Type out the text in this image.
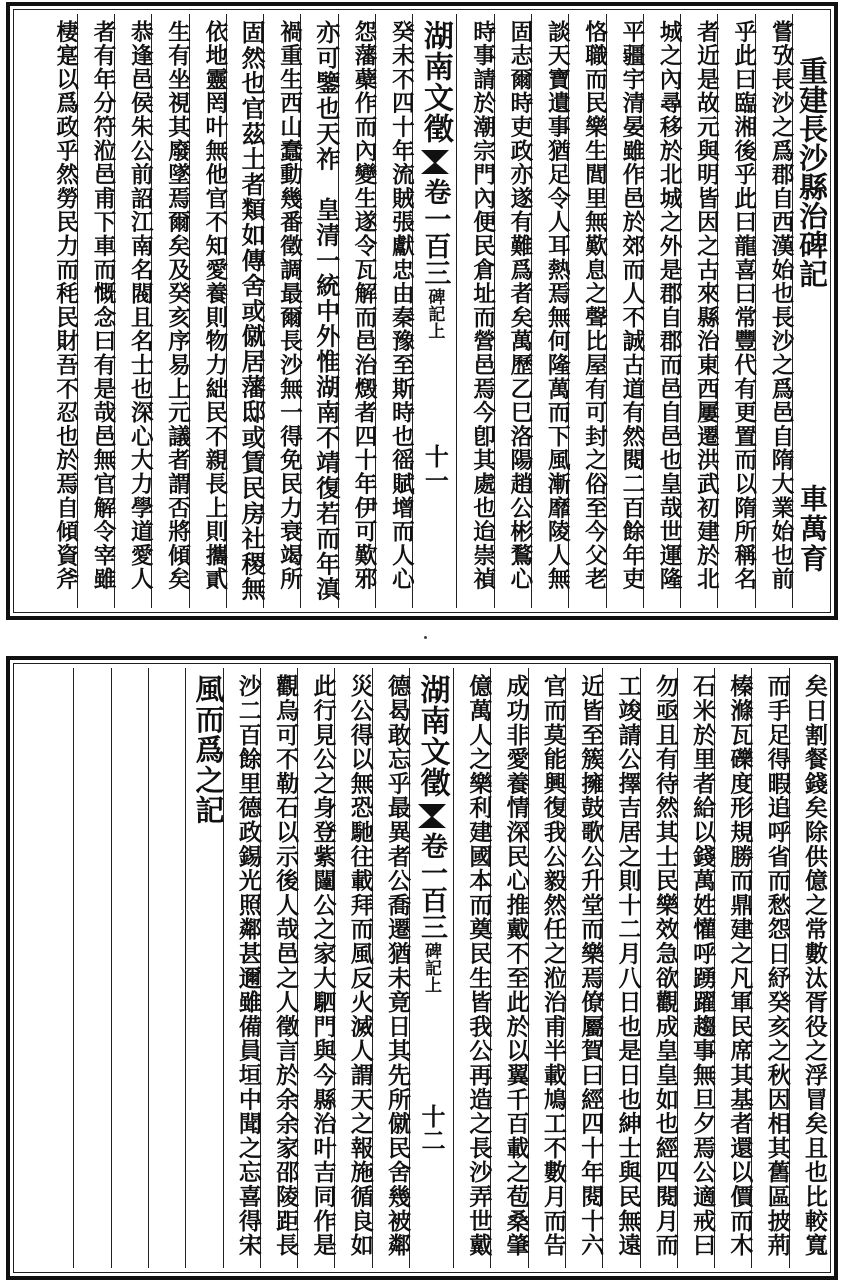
重建長沙縣治碑記
車萬育
嘗攷長沙之爲郡自西漢始也長沙之爲邑自隋大業始也前
乎此曰臨湘後乎此曰龍喜曰常豐代有更置而以隋所稱名
者近是故元與明皆因之古來縣治東西屢遷洪武初建於北
城之內尋移於北城之外是郡自郡而邑自邑也皇哉世運隆
平疆宇清晏雖作邑於郊而人不誠古道有然閱二百餘年吏
恪職而民樂生閭里無歎息之聲比屋有可封之俗至今父老
談天寶遺事猶足令人耳熱焉無何隆萬而下風漸靡陵人無
固志爾時吏政亦遂有難爲者矣萬歷乙巳洛陽趙公彬鶩心
時事請於潮宗門內便民倉址而營邑焉今卽其處也迨崇禎
湖南文徵
卷一百三
碑記上
十一
癸未不四十年流賊張獻忠由秦豫至斯時也徭賦增而人心
怨藩蘗作而內變生遂令瓦解而邑治燬者四十年伊可歎邪
亦可鑒也天祚　皇清一統中外惟湖南不靖復若而年滇
禍重生西山蠢動幾番徵調最爾長沙無一得免民力衰竭所
固然也官茲土者類如傳舍或僦居藩邸或賃民房社稷無
依地靈罔叶無他官不知愛養則物力絀民不親長上則攜貳
生有坐視其廢墜焉爾矣及癸亥序易上元議者謂否將傾矣
恭逢邑侯朱公前詔江南名閥且名士也深心大力學道愛人
者有年分符涖邑甫下車而慨念曰有是哉邑無官解令宰雖
棲寔以爲政乎然勞民力而秏民財吾不忍也於焉自傾資斧
矣日割餐錢矣除供億之常數汰胥役之浮冒矣且也比較寬
而手足得暇追呼省而愁怨日紓癸亥之秋因相其舊區披荊
榛滌瓦礫度形規勝而鼎建之凡軍民席其基者還以價而木
石米於里者給以錢萬姓懽呼踴躍趨事無旦夕焉公適戒曰
勿亟且有待然其士民樂效急欲觀成皇皇如也經四閱月而
工竣請公擇吉居之則十二月八日也是日也紳士與民無遠
近皆至簇擁鼓歌公升堂而樂焉僚屬賀曰經四十年閱十六
官而莫能興復我公毅然任之涖治甫半載鳩工不數月而告
成功非愛養情深民心推戴不至此於以翼千百載之苞桑肇
億萬人之樂利建國本而奠民生皆我公再造之長沙弄世戴
湖南文徵
卷一百三
碑記上
十二
德曷敢忘乎最異者公喬遷猶未竟日其先所僦民舍幾被鄰
災公得以無恐馳往載拜而風反火滅人謂天之報施循良如
此行見公之身登紫闥公之家大駟門與今縣治叶吉同作是
觀烏可不勒石以示後人哉邑之人徵言於余余家邵陵距長
沙二百餘里德政錫光照鄰甚邇雖備員垣中聞之忘喜得宋
風而爲之記
